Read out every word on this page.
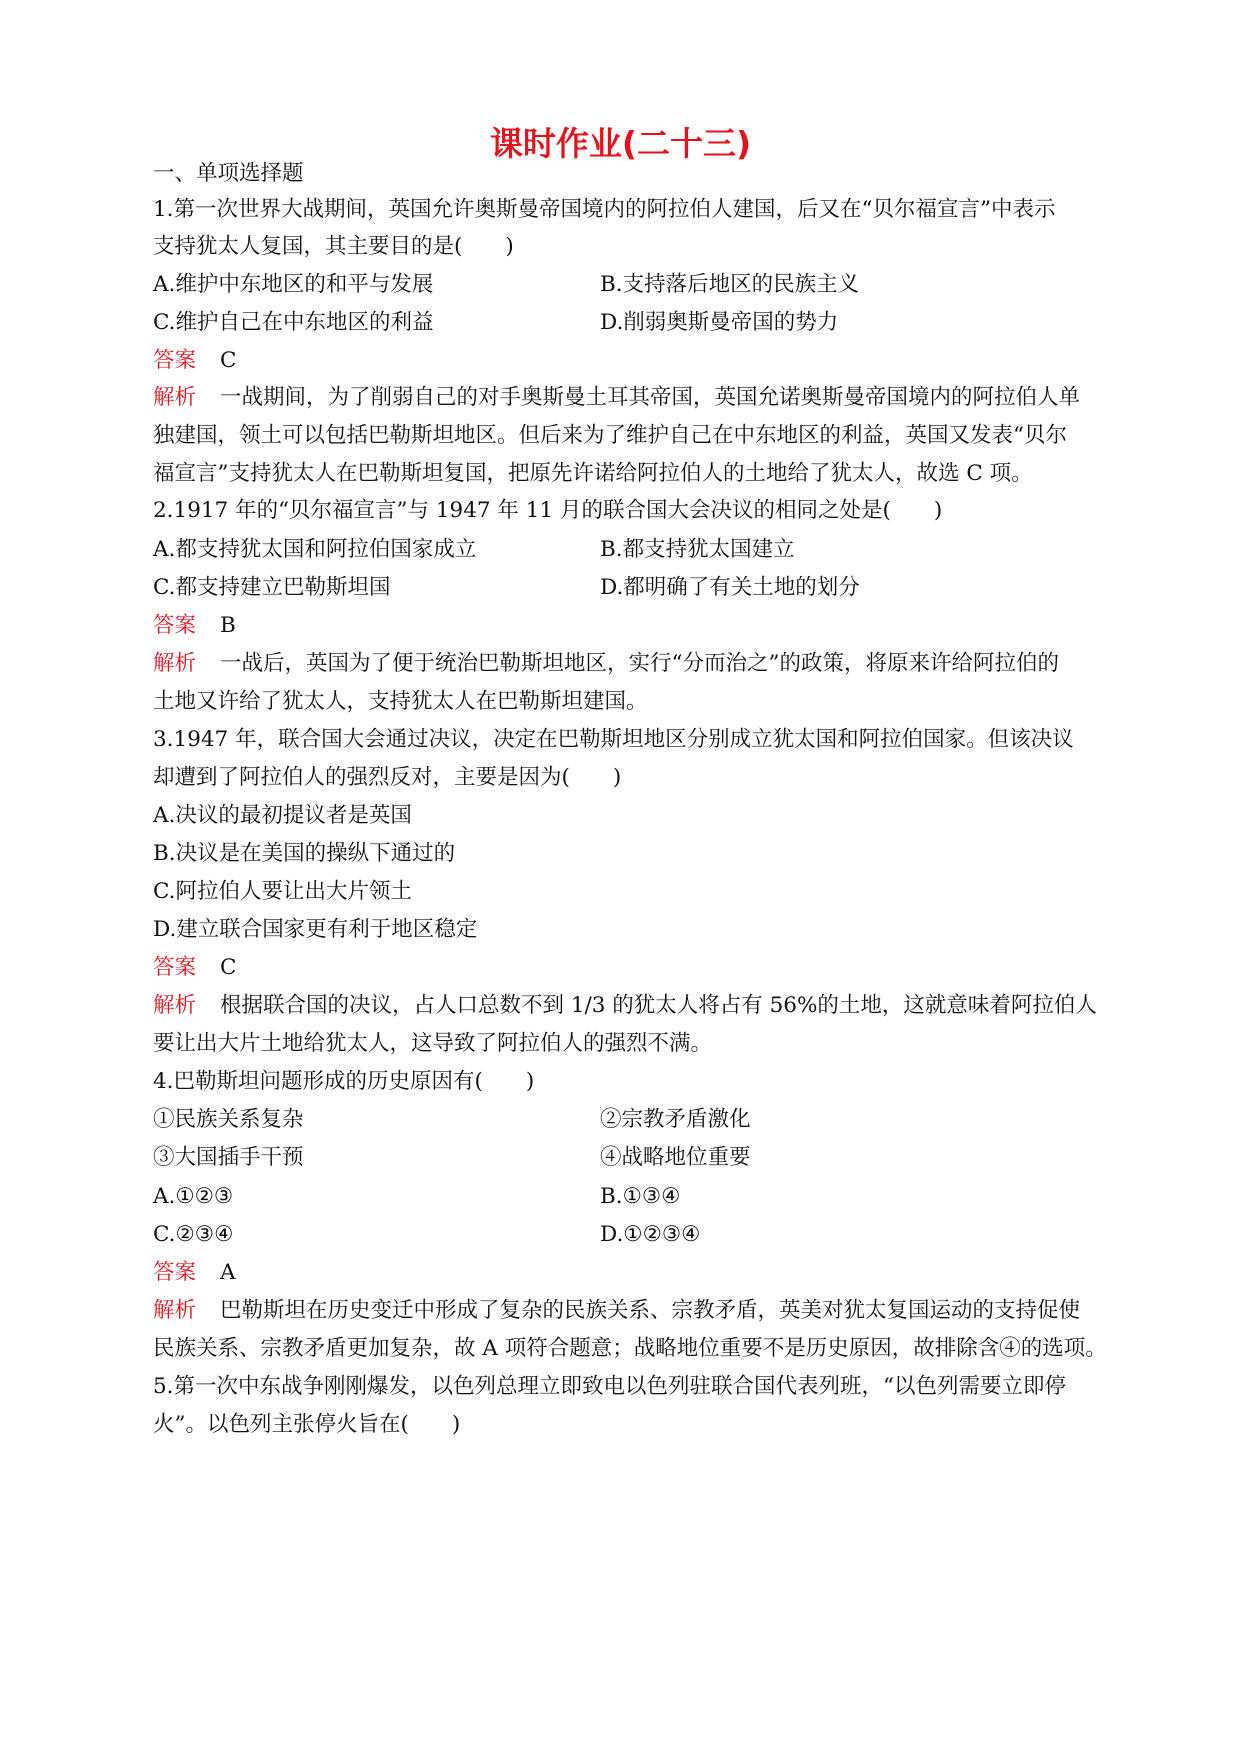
课时作业(二十三)
一、单项选择题
1.第一次世界大战期间，英国允许奥斯曼帝国境内的阿拉伯人建国，后又在“贝尔福宣言”中表示
支持犹太人复国，其主要目的是(　　)
A.维护中东地区的和平与发展	B.支持落后地区的民族主义
C.维护自己在中东地区的利益	D.削弱奥斯曼帝国的势力
答案 C
解析 一战期间，为了削弱自己的对手奥斯曼土耳其帝国，英国允诺奥斯曼帝国境内的阿拉伯人单
独建国，领土可以包括巴勒斯坦地区。但后来为了维护自己在中东地区的利益，英国又发表“贝尔
福宣言”支持犹太人在巴勒斯坦复国，把原先许诺给阿拉伯人的土地给了犹太人，故选 C 项。
2.1917 年的“贝尔福宣言”与 1947 年 11 月的联合国大会决议的相同之处是(　　)
A.都支持犹太国和阿拉伯国家成立	B.都支持犹太国建立
C.都支持建立巴勒斯坦国	D.都明确了有关土地的划分
答案 B
解析 一战后，英国为了便于统治巴勒斯坦地区，实行“分而治之”的政策，将原来许给阿拉伯的
土地又许给了犹太人，支持犹太人在巴勒斯坦建国。
3.1947 年，联合国大会通过决议，决定在巴勒斯坦地区分别成立犹太国和阿拉伯国家。但该决议
却遭到了阿拉伯人的强烈反对，主要是因为(　　)
A.决议的最初提议者是英国
B.决议是在美国的操纵下通过的
C.阿拉伯人要让出大片领土
D.建立联合国家更有利于地区稳定
答案 C
解析 根据联合国的决议，占人口总数不到 1/3 的犹太人将占有 56%的土地，这就意味着阿拉伯人
要让出大片土地给犹太人，这导致了阿拉伯人的强烈不满。
4.巴勒斯坦问题形成的历史原因有(　　)
①民族关系复杂	②宗教矛盾激化
③大国插手干预	④战略地位重要
A.①②③	B.①③④
C.②③④	D.①②③④
答案 A
解析 巴勒斯坦在历史变迁中形成了复杂的民族关系、宗教矛盾，英美对犹太复国运动的支持促使
民族关系、宗教矛盾更加复杂，故 A 项符合题意；战略地位重要不是历史原因，故排除含④的选项。
5.第一次中东战争刚刚爆发，以色列总理立即致电以色列驻联合国代表列班，“以色列需要立即停
火”。以色列主张停火旨在(　　)
